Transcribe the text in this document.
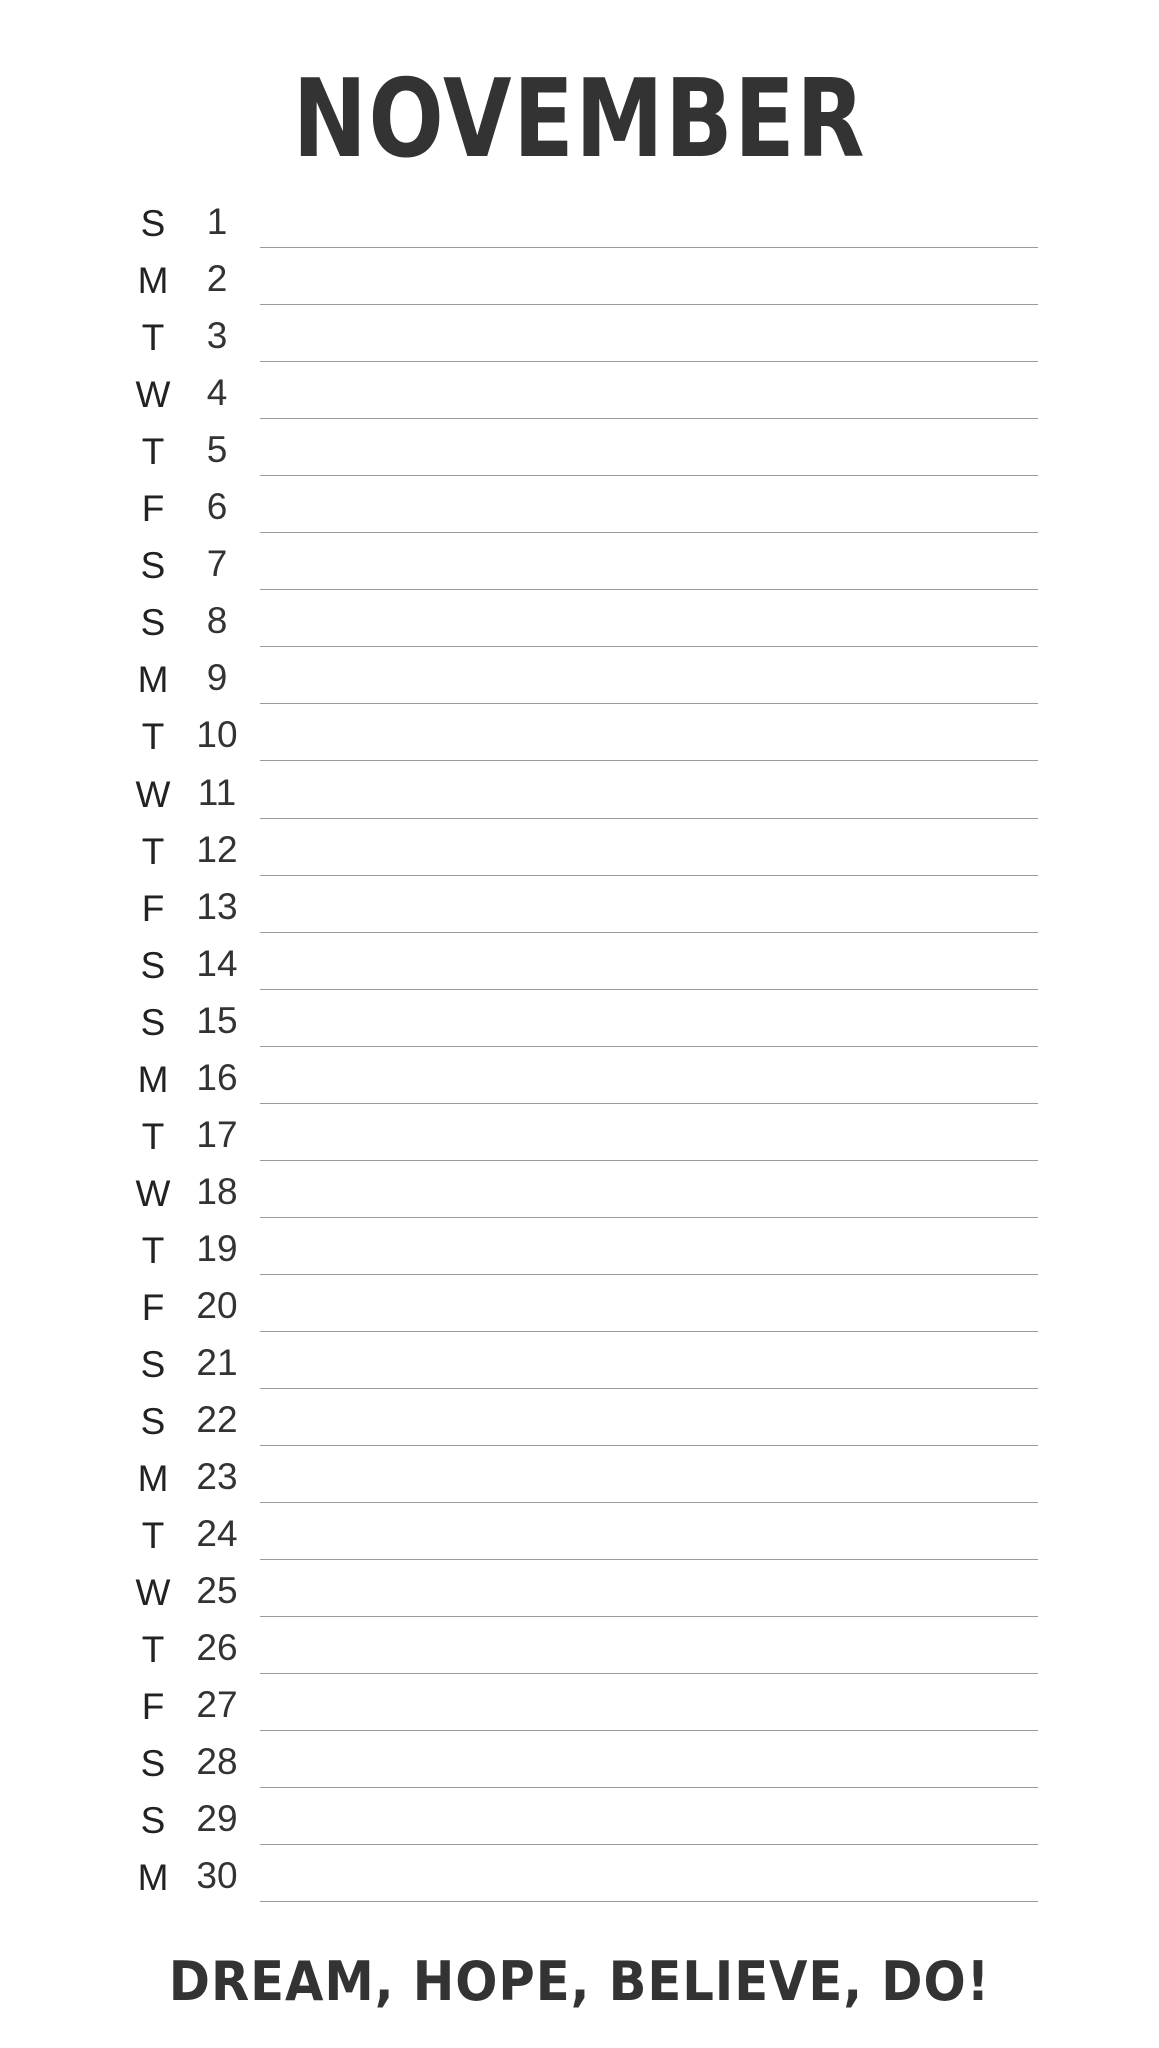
NOVEMBER
S	1
M	2
T	3
W 4
T	5
F	6
S	7
S	8
M	9
T 10
W 11
T 12
F 13
S 14
S 15
M 16
T 17
W 18
T 19
F 20
S 21
S 22
M 23
T 24
W 25
T 26
F 27
S 28
S 29
M 30
DREAM, HOPE, BELIEVE, DO!
